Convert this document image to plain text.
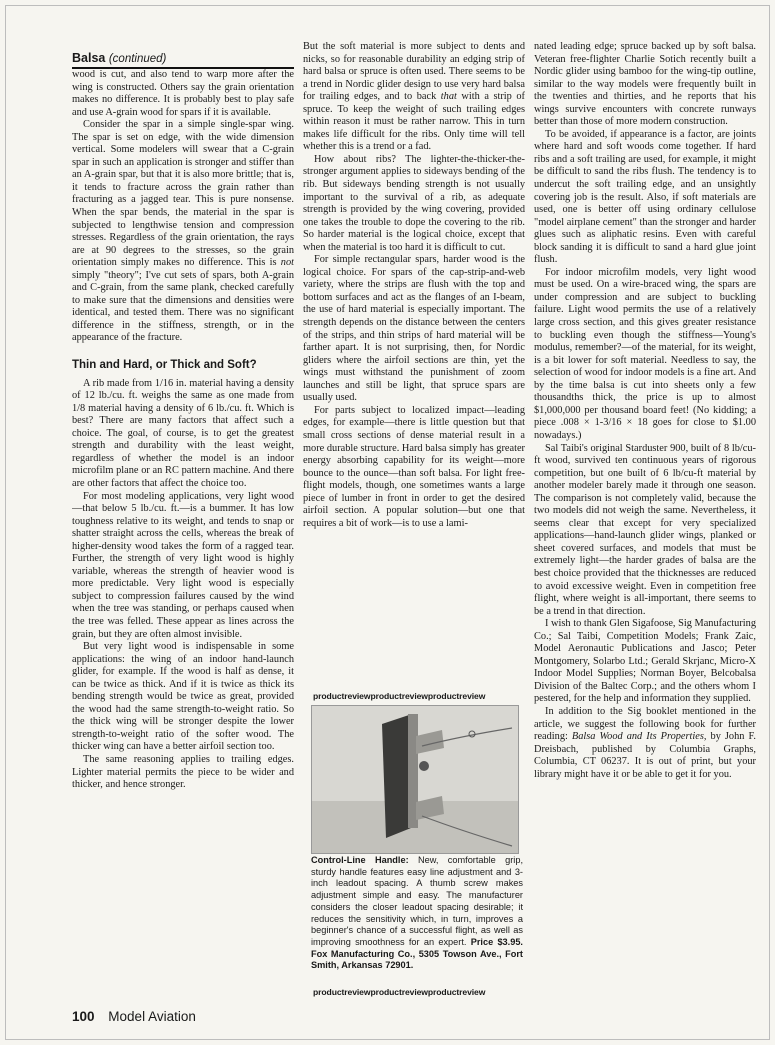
Balsa (continued)

wood is cut, and also tend to warp more after the wing is constructed. Others say the grain orientation makes no difference. It is probably best to play safe and use A-grain wood for spars if it is available.

Consider the spar in a simple single-spar wing. The spar is set on edge, with the wide dimension vertical. Some modelers will swear that a C-grain spar in such an application is stronger and stiffer than an A-grain spar, but that it is also more brittle; that is, it tends to fracture across the grain rather than fracturing as a jagged tear. This is pure nonsense. When the spar bends, the material in the spar is subjected to lengthwise tension and compression stresses. Regardless of the grain orientation, the rays are at 90 degrees to the stresses, so the grain orientation simply makes no difference. This is not simply "theory"; I've cut sets of spars, both A-grain and C-grain, from the same plank, checked carefully to make sure that the dimensions and densities were identical, and tested them. There was no significant difference in the stiffness, strength, or in the appearance of the fracture.

Thin and Hard, or Thick and Soft?

A rib made from 1/16 in. material having a density of 12 lb./cu. ft. weighs the same as one made from 1/8 material having a density of 6 lb./cu. ft. Which is best? There are many factors that affect such a choice. The goal, of course, is to get the greatest strength and durability with the least weight, regardless of whether the model is an indoor microfilm plane or an RC pattern machine. And there are other factors that affect the choice too.

For most modeling applications, very light wood—that below 5 lb./cu. ft.—is a bummer. It has low toughness relative to its weight, and tends to snap or shatter straight across the cells, whereas the break of higher-density wood takes the form of a ragged tear. Further, the strength of very light wood is highly variable, whereas the strength of heavier wood is more predictable. Very light wood is especially subject to compression failures caused by the wind when the tree was standing, or perhaps caused when the tree was felled. These appear as lines across the grain, but they are often almost invisible.

But very light wood is indispensable in some applications: the wing of an indoor hand-launch glider, for example. If the wood is half as dense, it can be twice as thick. And if it is twice as thick its bending strength would be twice as great, provided the wood had the same strength-to-weight ratio. So the thick wing will be stronger despite the lower strength-to-weight ratio of the softer wood. The thicker wing can have a better airfoil section too.

The same reasoning applies to trailing edges. Lighter material permits the piece to be wider and thicker, and hence stronger.

But the soft material is more subject to dents and nicks, so for reasonable durability an edging strip of hard balsa or spruce is often used. There seems to be a trend in Nordic glider design to use very hard balsa for trailing edges, and to back that with a strip of spruce. To keep the weight of such trailing edges within reason it must be rather narrow. This in turn makes life difficult for the ribs. Only time will tell whether this is a trend or a fad.

How about ribs? The lighter-the-thicker-the-stronger argument applies to sideways bending of the rib. But sideways bending strength is not usually important to the survival of a rib, as adequate strength is provided by the wing covering, provided one takes the trouble to dope the covering to the rib. So harder material is the logical choice, except that when the material is too hard it is difficult to cut.

For simple rectangular spars, harder wood is the logical choice. For spars of the cap-strip-and-web variety, where the strips are flush with the top and bottom surfaces and act as the flanges of an I-beam, the use of hard material is especially important. The strength depends on the distance between the centers of the strips, and thin strips of hard material will be farther apart. It is not surprising, then, for Nordic gliders where the airfoil sections are thin, yet the wings must withstand the punishment of zoom launches and still be light, that spruce spars are usually used.

For parts subject to localized impact—leading edges, for example—there is little question but that small cross sections of dense material result in a more durable structure. Hard balsa simply has greater energy absorbing capability for its weight—more bounce to the ounce—than soft balsa. For light free-flight models, though, one sometimes wants a large piece of lumber in front in order to get the desired airfoil section. A popular solution—but one that requires a bit of work—is to use a lami-

productreviewproductreviewproductreview
Control-Line Handle: New, comfortable grip, sturdy handle features easy line adjustment and 3-inch leadout spacing. A thumb screw makes adjustment simple and easy. The manufacturer considers the closer leadout spacing desirable; it reduces the sensitivity which, in turn, improves a beginner's chance of a successful flight, as well as improving smoothness for an expert. Price $3.95. Fox Manufacturing Co., 5305 Towson Ave., Fort Smith, Arkansas 72901.
productreviewproductreviewproductreview

nated leading edge; spruce backed up by soft balsa. Veteran free-flighter Charlie Sotich recently built a Nordic glider using bamboo for the wing-tip outline, similar to the way models were frequently built in the twenties and thirties, and he reports that his wings survive encounters with concrete runways better than those of more modern construction.

To be avoided, if appearance is a factor, are joints where hard and soft woods come together. If hard ribs and a soft trailing are used, for example, it might be difficult to sand the ribs flush. The tendency is to undercut the soft trailing edge, and an unsightly covering job is the result. Also, if soft materials are used, one is better off using ordinary cellulose "model airplane cement" than the stronger and harder glues such as aliphatic resins. Even with careful block sanding it is difficult to sand a hard glue joint flush.

For indoor microfilm models, very light wood must be used. On a wire-braced wing, the spars are under compression and are subject to buckling failure. Light wood permits the use of a relatively large cross section, and this gives greater resistance to buckling even though the stiffness—Young's modulus, remember?—of the material, for its weight, is a bit lower for soft material. Needless to say, the selection of wood for indoor models is a fine art. And by the time balsa is cut into sheets only a few thousandths thick, the price is up to almost $1,000,000 per thousand board feet! (No kidding; a piece .008 × 1-3/16 × 18 goes for close to $1.00 nowadays.)

Sal Taibi's original Starduster 900, built of 8 lb/cu-ft wood, survived ten continuous years of rigorous competition, but one built of 6 lb/cu-ft material by another modeler barely made it through one season. The comparison is not completely valid, because the two models did not weigh the same. Nevertheless, it seems clear that except for very specialized applications—hand-launch glider wings, planked or sheet covered surfaces, and models that must be extremely light—the harder grades of balsa are the best choice provided that the thicknesses are reduced to avoid excessive weight. Even in competition free flight, where weight is all-important, there seems to be a trend in that direction.

I wish to thank Glen Sigafoose, Sig Manufacturing Co.; Sal Taibi, Competition Models; Frank Zaic, Model Aeronautic Publications and Jasco; Peter Montgomery, Solarbo Ltd.; Gerald Skrjanc, Micro-X Indoor Model Supplies; Norman Boyer, Belcobalsa Division of the Baltec Corp.; and the others whom I pestered, for the help and information they supplied.

In addition to the Sig booklet mentioned in the article, we suggest the following book for further reading: Balsa Wood and Its Properties, by John F. Dreisbach, published by Columbia Graphs, Columbia, CT 06237. It is out of print, but your library might have it or be able to get it for you.

100 Model Aviation
